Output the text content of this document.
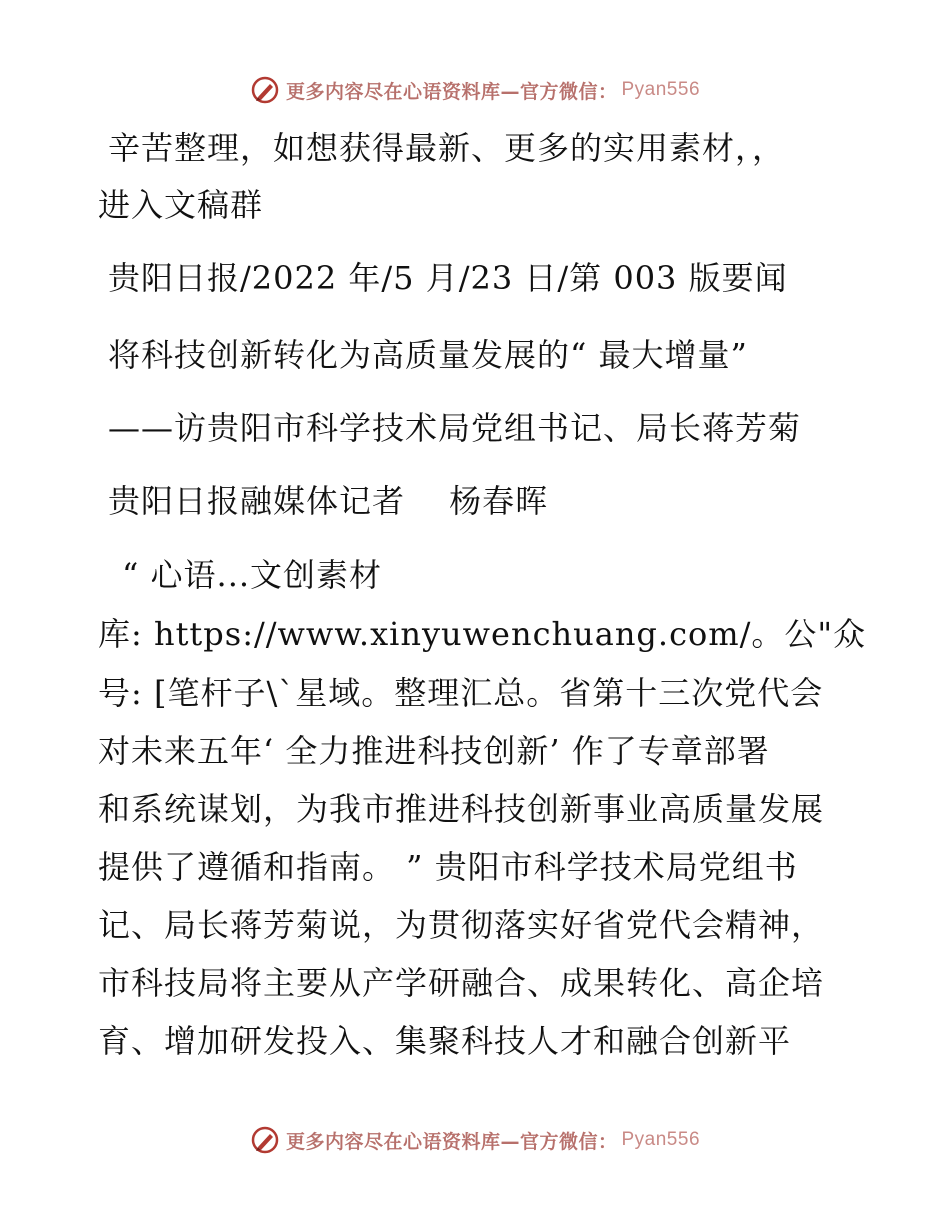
更多内容尽在心语资料库—官方微信： Pyan556
辛苦整理，如想获得最新、更多的实用素材，，
进入文稿群
贵阳日报/2022 年/5 月/23 日/第 003 版要闻
将科技创新转化为高质量发展的“ 最大增量”
——访贵阳市科学技术局党组书记、局长蒋芳菊
贵阳日报融媒体记者　 杨春晖
“ 心语...文创素材
库: https://www.xinyuwenchuang.com/。公"众
号: [笔杆子\`星域。整理汇总。省第十三次党代会
对未来五年‘ 全力推进科技创新’ 作了专章部署
和系统谋划，为我市推进科技创新事业高质量发展
提供了遵循和指南。 ” 贵阳市科学技术局党组书
记、局长蒋芳菊说，为贯彻落实好省党代会精神，
市科技局将主要从产学研融合、成果转化、高企培
育、增加研发投入、集聚科技人才和融合创新平
更多内容尽在心语资料库—官方微信： Pyan556
